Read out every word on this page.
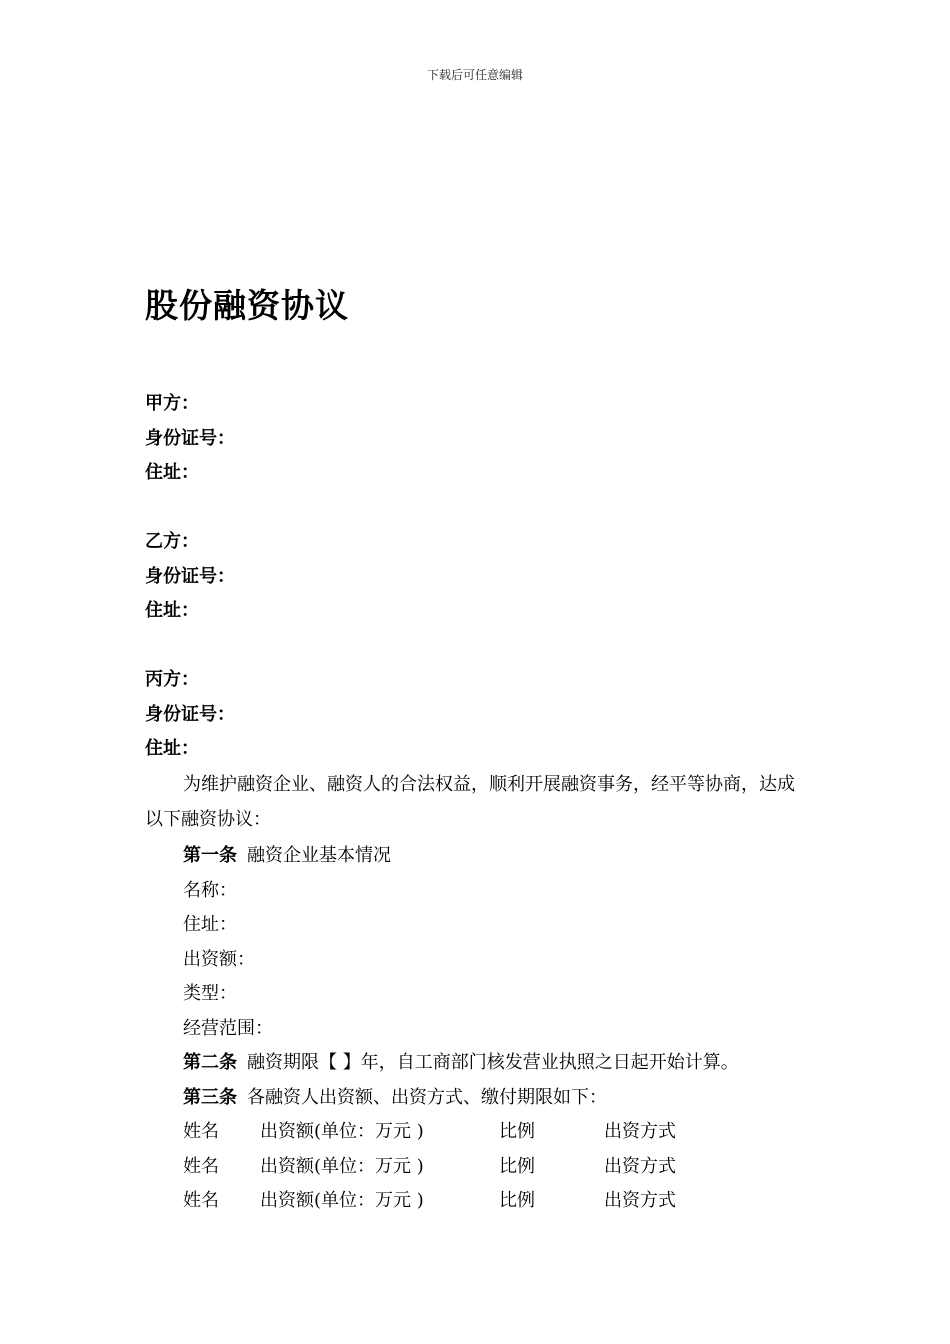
下载后可任意编辑
股份融资协议
甲方：
身份证号：
住址：
乙方：
身份证号：
住址：
丙方：
身份证号：
住址：
为维护融资企业、融资人的合法权益，顺利开展融资事务，经平等协商，达成以下融资协议：
第一条 融资企业基本情况
名称：
住址：
出资额：
类型：
经营范围：
第二条 融资期限【 】年，自工商部门核发营业执照之日起开始计算。
第三条 各融资人出资额、出资方式、缴付期限如下：
姓名 出资额(单位：万元 )	比例	出资方式
姓名 出资额(单位：万元 )	比例	出资方式
姓名 出资额(单位：万元 )	比例	出资方式
